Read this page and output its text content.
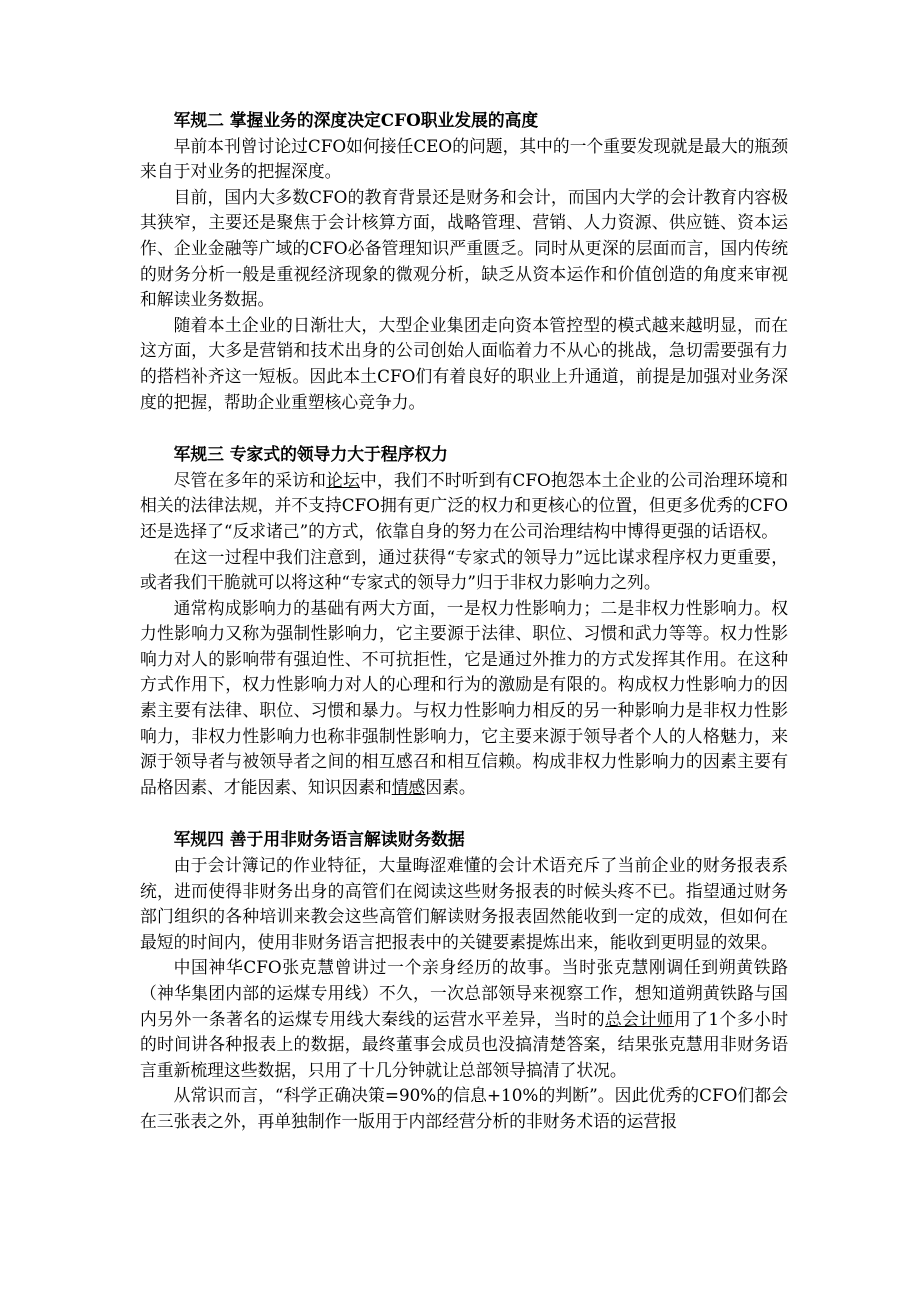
军规二 掌握业务的深度决定CFO职业发展的高度

早前本刊曾讨论过CFO如何接任CEO的问题，其中的一个重要发现就是最大的瓶颈来自于对业务的把握深度。

目前，国内大多数CFO的教育背景还是财务和会计，而国内大学的会计教育内容极其狭窄，主要还是聚焦于会计核算方面，战略管理、营销、人力资源、供应链、资本运作、企业金融等广域的CFO必备管理知识严重匮乏。同时从更深的层面而言，国内传统的财务分析一般是重视经济现象的微观分析，缺乏从资本运作和价值创造的角度来审视和解读业务数据。

随着本土企业的日渐壮大，大型企业集团走向资本管控型的模式越来越明显，而在这方面，大多是营销和技术出身的公司创始人面临着力不从心的挑战，急切需要强有力的搭档补齐这一短板。因此本土CFO们有着良好的职业上升通道，前提是加强对业务深度的把握，帮助企业重塑核心竞争力。

军规三 专家式的领导力大于程序权力

尽管在多年的采访和论坛中，我们不时听到有CFO抱怨本土企业的公司治理环境和相关的法律法规，并不支持CFO拥有更广泛的权力和更核心的位置，但更多优秀的CFO还是选择了“反求诸己”的方式，依靠自身的努力在公司治理结构中博得更强的话语权。

在这一过程中我们注意到，通过获得“专家式的领导力”远比谋求程序权力更重要，或者我们干脆就可以将这种“专家式的领导力”归于非权力影响力之列。

通常构成影响力的基础有两大方面，一是权力性影响力；二是非权力性影响力。权力性影响力又称为强制性影响力，它主要源于法律、职位、习惯和武力等等。权力性影响力对人的影响带有强迫性、不可抗拒性，它是通过外推力的方式发挥其作用。在这种方式作用下，权力性影响力对人的心理和行为的激励是有限的。构成权力性影响力的因素主要有法律、职位、习惯和暴力。与权力性影响力相反的另一种影响力是非权力性影响力，非权力性影响力也称非强制性影响力，它主要来源于领导者个人的人格魅力，来源于领导者与被领导者之间的相互感召和相互信赖。构成非权力性影响力的因素主要有品格因素、才能因素、知识因素和情感因素。

军规四 善于用非财务语言解读财务数据

由于会计簿记的作业特征，大量晦涩难懂的会计术语充斥了当前企业的财务报表系统，进而使得非财务出身的高管们在阅读这些财务报表的时候头疼不已。指望通过财务部门组织的各种培训来教会这些高管们解读财务报表固然能收到一定的成效，但如何在最短的时间内，使用非财务语言把报表中的关键要素提炼出来，能收到更明显的效果。

中国神华CFO张克慧曾讲过一个亲身经历的故事。当时张克慧刚调任到朔黄铁路（神华集团内部的运煤专用线）不久，一次总部领导来视察工作，想知道朔黄铁路与国内另外一条著名的运煤专用线大秦线的运营水平差异，当时的总会计师用了1个多小时的时间讲各种报表上的数据，最终董事会成员也没搞清楚答案，结果张克慧用非财务语言重新梳理这些数据，只用了十几分钟就让总部领导搞清了状况。

从常识而言，“科学正确决策=90%的信息+10%的判断”。因此优秀的CFO们都会在三张表之外，再单独制作一版用于内部经营分析的非财务术语的运营报
